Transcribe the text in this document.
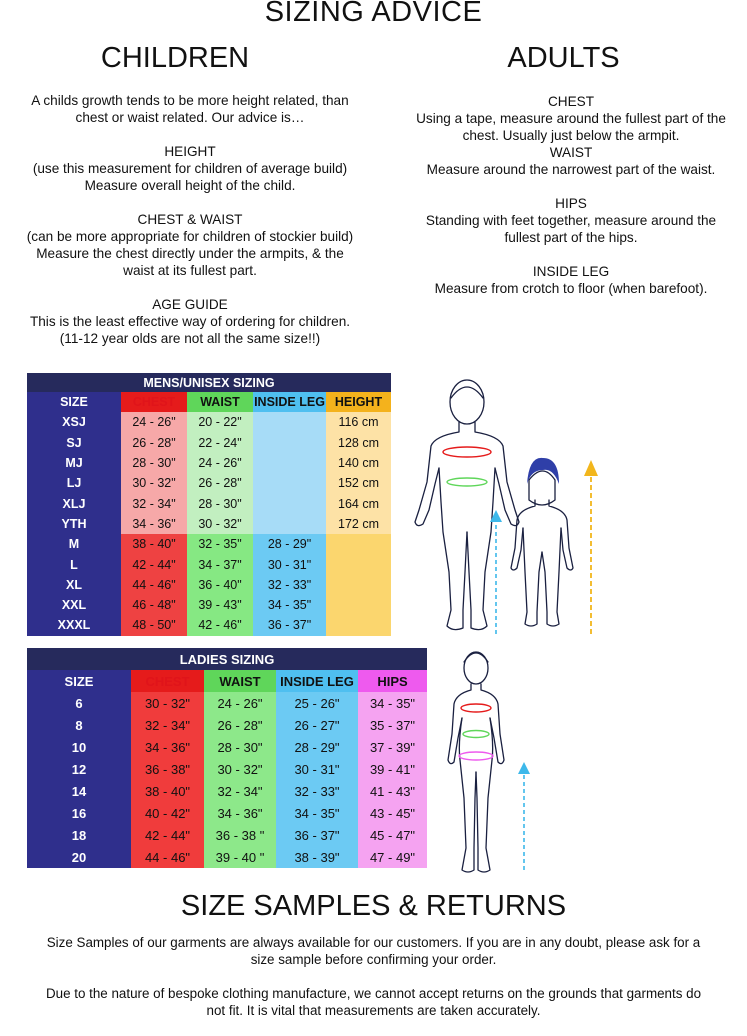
SIZING ADVICE
CHILDREN	ADULTS

A childs growth tends to be more height related, than
chest or waist related. Our advice is…

HEIGHT
(use this measurement for children of average build)
Measure overall height of the child.

CHEST & WAIST
(can be more appropriate for children of stockier build)
Measure the chest directly under the armpits, & the
waist at its fullest part.

AGE GUIDE
This is the least effective way of ordering for children.
(11-12 year olds are not all the same size!!)

CHEST
Using a tape, measure around the fullest part of the
chest. Usually just below the armpit.

WAIST
Measure around the narrowest part of the waist.

HIPS
Standing with feet together, measure around the
fullest part of the hips.

INSIDE LEG
Measure from crotch to floor (when barefoot).

MENS/UNISEX SIZING				
SIZE	CHEST	WAIST	INSIDE LEG	HEIGHT
XSJ	24 - 26"	20 - 22"		116 cm
SJ	26 - 28"	22 - 24"		128 cm
MJ	28 - 30"	24 - 26"		140 cm
LJ	30 - 32"	26 - 28"		152 cm
XLJ	32 - 34"	28 - 30"		164 cm
YTH	34 - 36"	30 - 32"		172 cm
M	38 - 40"	32 - 35"	28 - 29"	
L	42 - 44"	34 - 37"	30 - 31"	
XL	44 - 46"	36 - 40"	32 - 33"	
XXL	46 - 48"	39 - 43"	34 - 35"	
XXXL	48 - 50"	42 - 46"	36 - 37"	
LADIES SIZING				
SIZE	CHEST	WAIST	INSIDE LEG	HIPS
6	30 - 32"	24 - 26"	25 - 26"	34 - 35"
8	32 - 34"	26 - 28"	26 - 27"	35 - 37"
10	34 - 36"	28 - 30"	28 - 29"	37 - 39"
12	36 - 38"	30 - 32"	30 - 31"	39 - 41"
14	38 - 40"	32 - 34"	32 - 33"	41 - 43"
16	40 - 42"	34 - 36"	34 - 35"	43 - 45"
18	42 - 44"	36 - 38 "	36 - 37"	45 - 47"
20	44 - 46"	39 - 40 "	38 - 39"	47 - 49"
SIZE SAMPLES & RETURNS

Size Samples of our garments are always available for our customers. If you are in any doubt, please ask for a
size sample before confirming your order.

Due to the nature of bespoke clothing manufacture, we cannot accept returns on the grounds that garments do
not fit. It is vital that measurements are taken accurately.
